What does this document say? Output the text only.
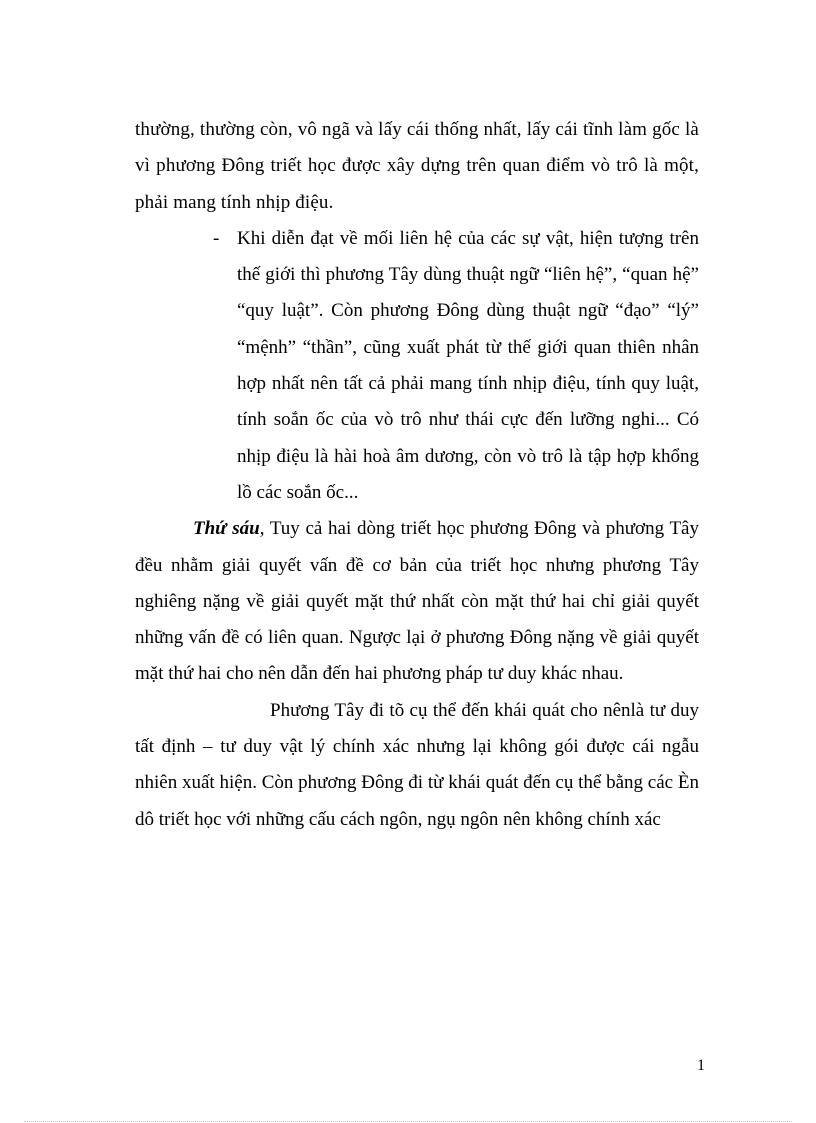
thường, thường còn, vô ngã và lấy cái thống nhất, lấy cái tĩnh làm gốc là vì phương Đông triết học được xây dựng trên quan điểm vò trô là một, phải mang tính nhịp điệu.

- Khi diễn đạt về mối liên hệ của các sự vật, hiện tượng trên thế giới thì phương Tây dùng thuật ngữ “liên hệ”, “quan hệ” “quy luật”. Còn phương Đông dùng thuật ngữ “đạo” “lý” “mệnh” “thần”, cũng xuất phát từ thế giới quan thiên nhân hợp nhất nên tất cả phải mang tính nhịp điệu, tính quy luật, tính soắn ốc của vò trô như thái cực đến lưỡng nghi... Có nhịp điệu là hài hoà âm dương, còn vò trô là tập hợp khổng lồ các soắn ốc...

Thứ sáu, Tuy cả hai dòng triết học phương Đông và phương Tây đều nhằm giải quyết vấn đề cơ bản của triết học nhưng phương Tây nghiêng nặng về giải quyết mặt thứ nhất còn mặt thứ hai chỉ giải quyết những vấn đề có liên quan. Ngược lại ở phương Đông nặng về giải quyết mặt thứ hai cho nên dẫn đến hai phương pháp tư duy khác nhau.

Phương Tây đi tõ cụ thể đến khái quát cho nênlà tư duy tất định – tư duy vật lý chính xác nhưng lại không gói được cái ngẫu nhiên xuất hiện. Còn phương Đông đi từ khái quát đến cụ thể bằng các Èn dô triết học với những cấu cách ngôn, ngụ ngôn nên không chính xác

1
